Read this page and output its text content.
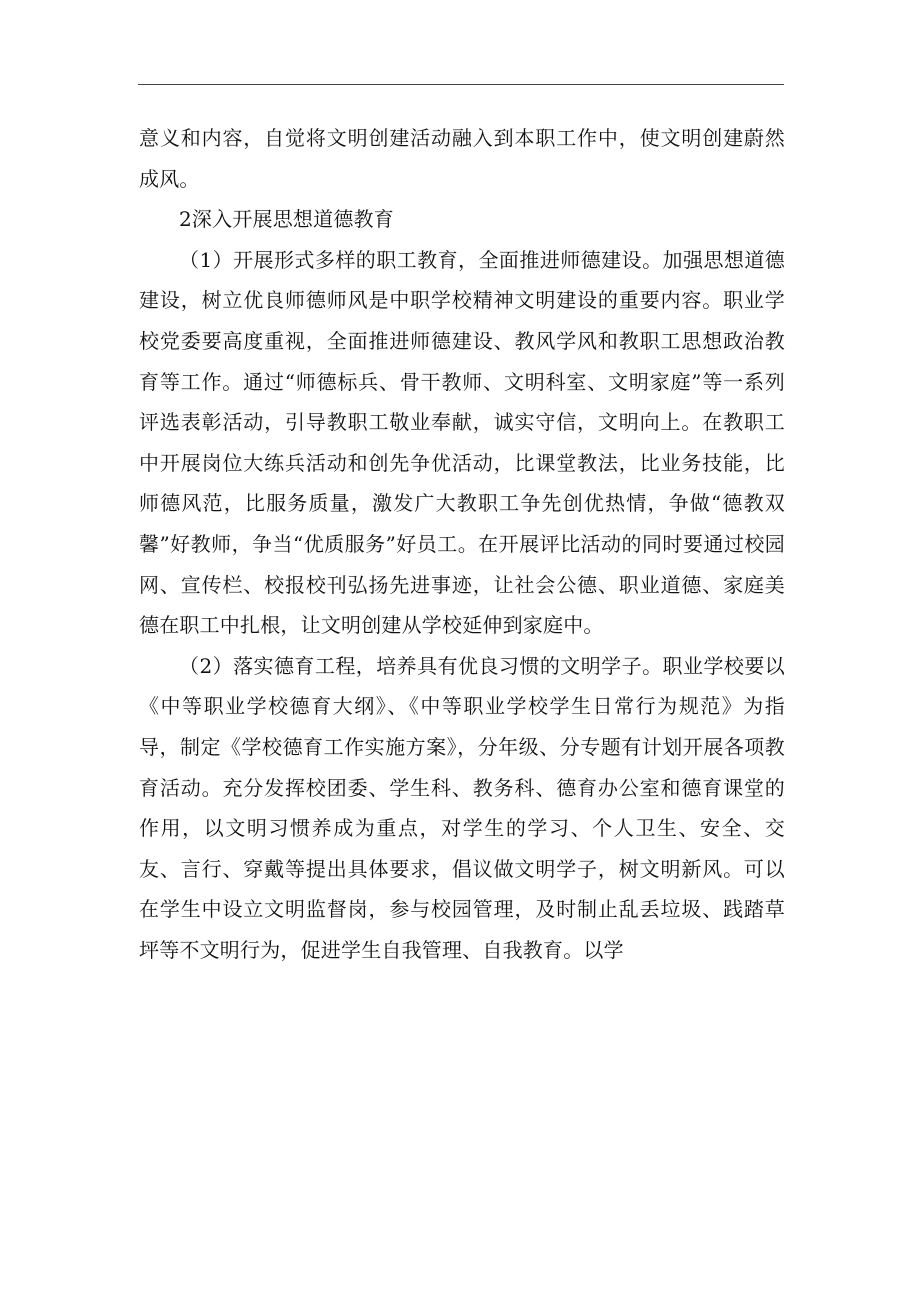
意义和内容，自觉将文明创建活动融入到本职工作中，使文明创建蔚然成风。

2深入开展思想道德教育

（1）开展形式多样的职工教育，全面推进师德建设。加强思想道德建设，树立优良师德师风是中职学校精神文明建设的重要内容。职业学校党委要高度重视，全面推进师德建设、教风学风和教职工思想政治教育等工作。通过“师德标兵、骨干教师、文明科室、文明家庭”等一系列评选表彰活动，引导教职工敬业奉献，诚实守信，文明向上。在教职工中开展岗位大练兵活动和创先争优活动，比课堂教法，比业务技能，比师德风范，比服务质量，激发广大教职工争先创优热情，争做“德教双馨”好教师，争当“优质服务”好员工。在开展评比活动的同时要通过校园网、宣传栏、校报校刊弘扬先进事迹，让社会公德、职业道德、家庭美德在职工中扎根，让文明创建从学校延伸到家庭中。

（2）落实德育工程，培养具有优良习惯的文明学子。职业学校要以《中等职业学校德育大纲》、《中等职业学校学生日常行为规范》为指导，制定《学校德育工作实施方案》，分年级、分专题有计划开展各项教育活动。充分发挥校团委、学生科、教务科、德育办公室和德育课堂的作用，以文明习惯养成为重点，对学生的学习、个人卫生、安全、交友、言行、穿戴等提出具体要求，倡议做文明学子，树文明新风。可以在学生中设立文明监督岗，参与校园管理，及时制止乱丢垃圾、践踏草坪等不文明行为，促进学生自我管理、自我教育。以学
